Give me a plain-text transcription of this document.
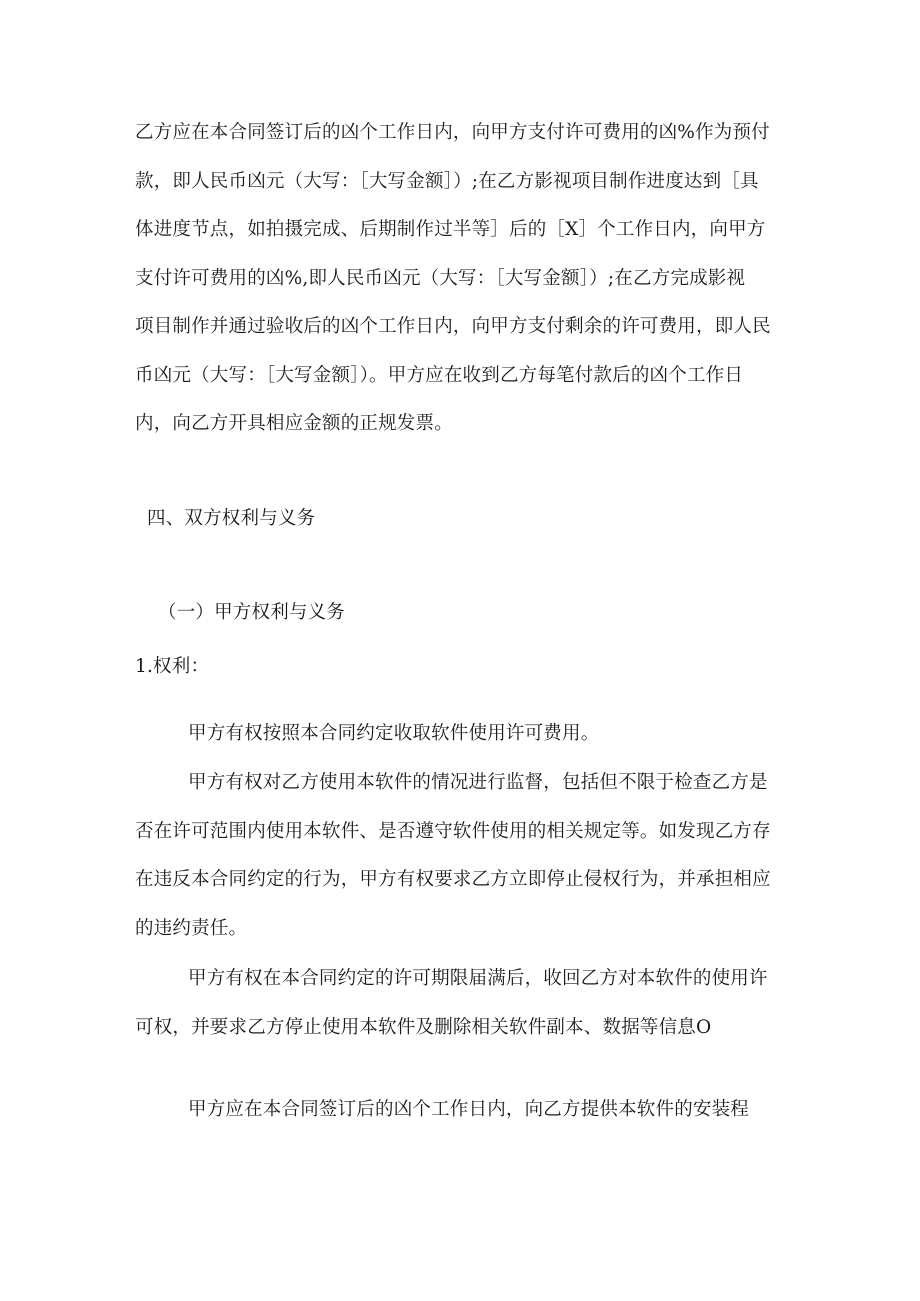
乙方应在本合同签订后的凶个工作日内，向甲方支付许可费用的凶%作为预付
款，即人民币凶元（大写：［大写金额］）;在乙方影视项目制作进度达到［具
体进度节点，如拍摄完成、后期制作过半等］后的［X］个工作日内，向甲方
支付许可费用的凶%,即人民币凶元（大写：［大写金额］）;在乙方完成影视
项目制作并通过验收后的凶个工作日内，向甲方支付剩余的许可费用，即人民
币凶元（大写：［大写金额］）。甲方应在收到乙方每笔付款后的凶个工作日
内，向乙方开具相应金额的正规发票。

四、双方权利与义务
（一）甲方权利与义务
1.权利：

甲方有权按照本合同约定收取软件使用许可费用。

甲方有权对乙方使用本软件的情况进行监督，包括但不限于检查乙方是
否在许可范围内使用本软件、是否遵守软件使用的相关规定等。如发现乙方存
在违反本合同约定的行为，甲方有权要求乙方立即停止侵权行为，并承担相应
的违约责任。

甲方有权在本合同约定的许可期限届满后，收回乙方对本软件的使用许
可权，并要求乙方停止使用本软件及删除相关软件副本、数据等信息O

甲方应在本合同签订后的凶个工作日内，向乙方提供本软件的安装程
